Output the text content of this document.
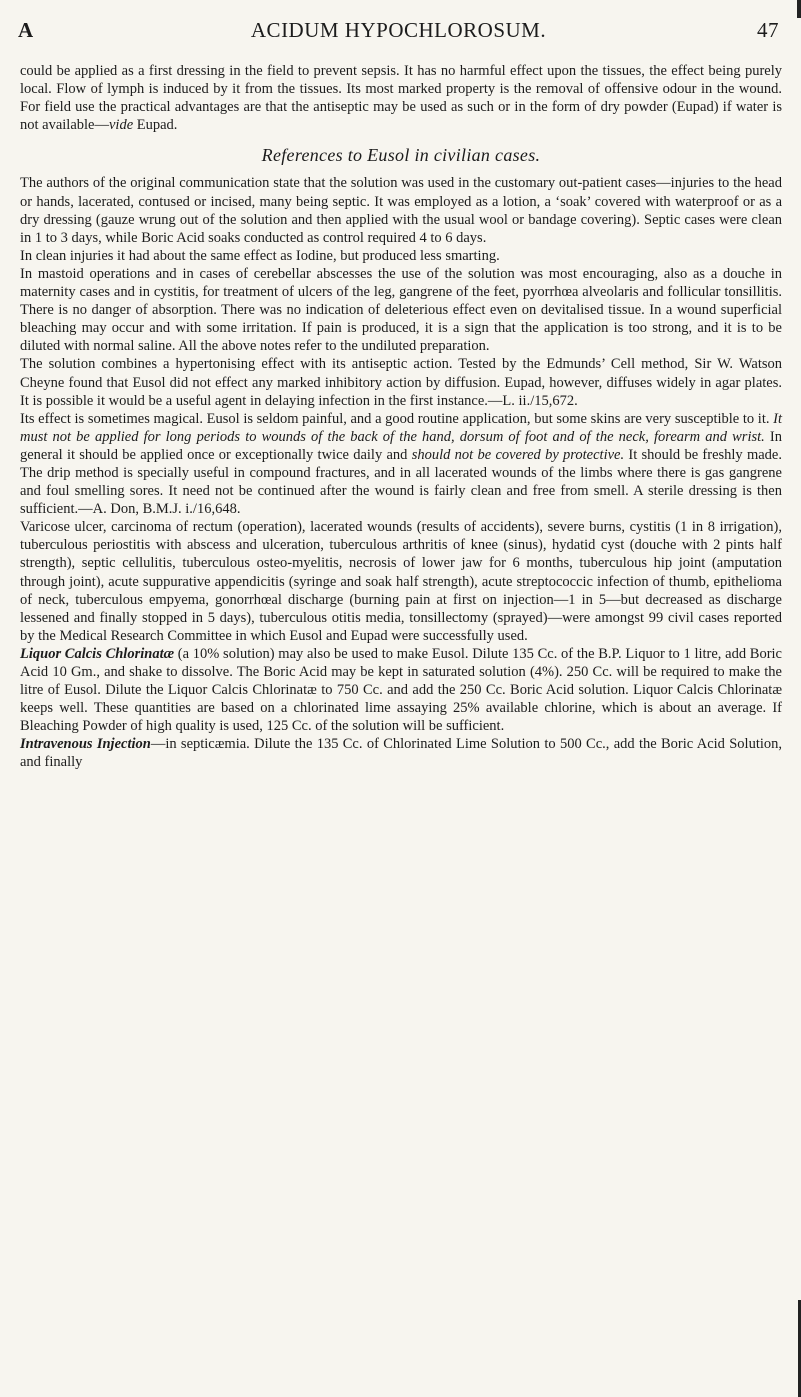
A	ACIDUM HYPOCHLOROSUM.	47

could be applied as a first dressing in the field to prevent sepsis. It has no harmful effect upon the tissues, the effect being purely local. Flow of lymph is induced by it from the tissues. Its most marked property is the removal of offensive odour in the wound. For field use the practical advantages are that the antiseptic may be used as such or in the form of dry powder (Eupad) if water is not available—vide Eupad.

References to Eusol in civilian cases.

The authors of the original communication state that the solution was used in the customary out-patient cases—injuries to the head or hands, lacerated, contused or incised, many being septic. It was employed as a lotion, a ‘soak’ covered with waterproof or as a dry dressing (gauze wrung out of the solution and then applied with the usual wool or bandage covering). Septic cases were clean in 1 to 3 days, while Boric Acid soaks conducted as control required 4 to 6 days.

In clean injuries it had about the same effect as Iodine, but produced less smarting.

In mastoid operations and in cases of cerebellar abscesses the use of the solution was most encouraging, also as a douche in maternity cases and in cystitis, for treatment of ulcers of the leg, gangrene of the feet, pyorrhœa alveolaris and follicular tonsillitis. There is no danger of absorption. There was no indication of deleterious effect even on devitalised tissue. In a wound superficial bleaching may occur and with some irritation. If pain is produced, it is a sign that the application is too strong, and it is to be diluted with normal saline. All the above notes refer to the undiluted preparation.

The solution combines a hypertonising effect with its antiseptic action. Tested by the Edmunds’ Cell method, Sir W. Watson Cheyne found that Eusol did not effect any marked inhibitory action by diffusion. Eupad, however, diffuses widely in agar plates. It is possible it would be a useful agent in delaying infection in the first instance.—L. ii./15,672.

Its effect is sometimes magical. Eusol is seldom painful, and a good routine application, but some skins are very susceptible to it. It must not be applied for long periods to wounds of the back of the hand, dorsum of foot and of the neck, forearm and wrist. In general it should be applied once or exceptionally twice daily and should not be covered by protective. It should be freshly made. The drip method is specially useful in compound fractures, and in all lacerated wounds of the limbs where there is gas gangrene and foul smelling sores. It need not be continued after the wound is fairly clean and free from smell. A sterile dressing is then sufficient.—A. Don, B.M.J. i./16,648.

Varicose ulcer, carcinoma of rectum (operation), lacerated wounds (results of accidents), severe burns, cystitis (1 in 8 irrigation), tuberculous periostitis with abscess and ulceration, tuberculous arthritis of knee (sinus), hydatid cyst (douche with 2 pints half strength), septic cellulitis, tuberculous osteo-myelitis, necrosis of lower jaw for 6 months, tuberculous hip joint (amputation through joint), acute suppurative appendicitis (syringe and soak half strength), acute streptococcic infection of thumb, epithelioma of neck, tuberculous empyema, gonorrhœal discharge (burning pain at first on injection—1 in 5—but decreased as discharge lessened and finally stopped in 5 days), tuberculous otitis media, tonsillectomy (sprayed)—were amongst 99 civil cases reported by the Medical Research Committee in which Eusol and Eupad were successfully used.

Liquor Calcis Chlorinatæ (a 10% solution) may also be used to make Eusol. Dilute 135 Cc. of the B.P. Liquor to 1 litre, add Boric Acid 10 Gm., and shake to dissolve. The Boric Acid may be kept in saturated solution (4%). 250 Cc. will be required to make the litre of Eusol. Dilute the Liquor Calcis Chlorinatæ to 750 Cc. and add the 250 Cc. Boric Acid solution. Liquor Calcis Chlorinatæ keeps well. These quantities are based on a chlorinated lime assaying 25% available chlorine, which is about an average. If Bleaching Powder of high quality is used, 125 Cc. of the solution will be sufficient.

Intravenous Injection—in septicæmia. Dilute the 135 Cc. of Chlorinated Lime Solution to 500 Cc., add the Boric Acid Solution, and finally
